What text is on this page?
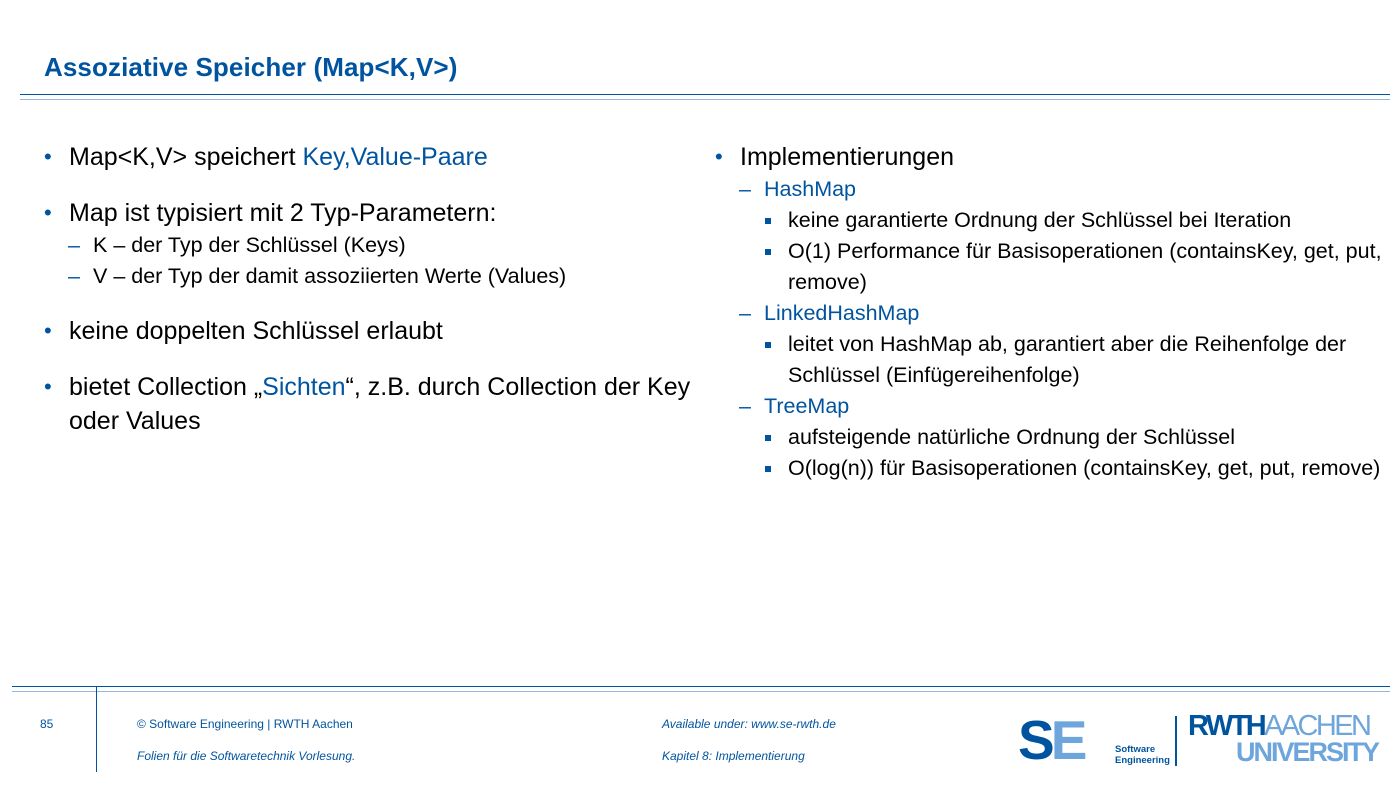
Assoziative Speicher (Map<K,V>)
• Map<K,V> speichert Key,Value-Paare
• Map ist typisiert mit 2 Typ-Parametern:
– K – der Typ der Schlüssel (Keys)
– V – der Typ der damit assoziierten Werte (Values)
• keine doppelten Schlüssel erlaubt
• bietet Collection „Sichten“, z.B. durch Collection der Key oder Values
• Implementierungen
– HashMap
keine garantierte Ordnung der Schlüssel bei Iteration
O(1) Performance für Basisoperationen (containsKey, get, put, remove)
– LinkedHashMap
leitet von HashMap ab, garantiert aber die Reihenfolge der Schlüssel (Einfügereihenfolge)
– TreeMap
aufsteigende natürliche Ordnung der Schlüssel
O(log(n)) für Basisoperationen (containsKey, get, put, remove)
85	© Software Engineering | RWTH Aachen
Folien für die Softwaretechnik Vorlesung.
Available under: www.se-rwth.de
Kapitel 8: Implementierung	SE	Software
Engineering
RWTHAACHEN
UNIVERSITY
